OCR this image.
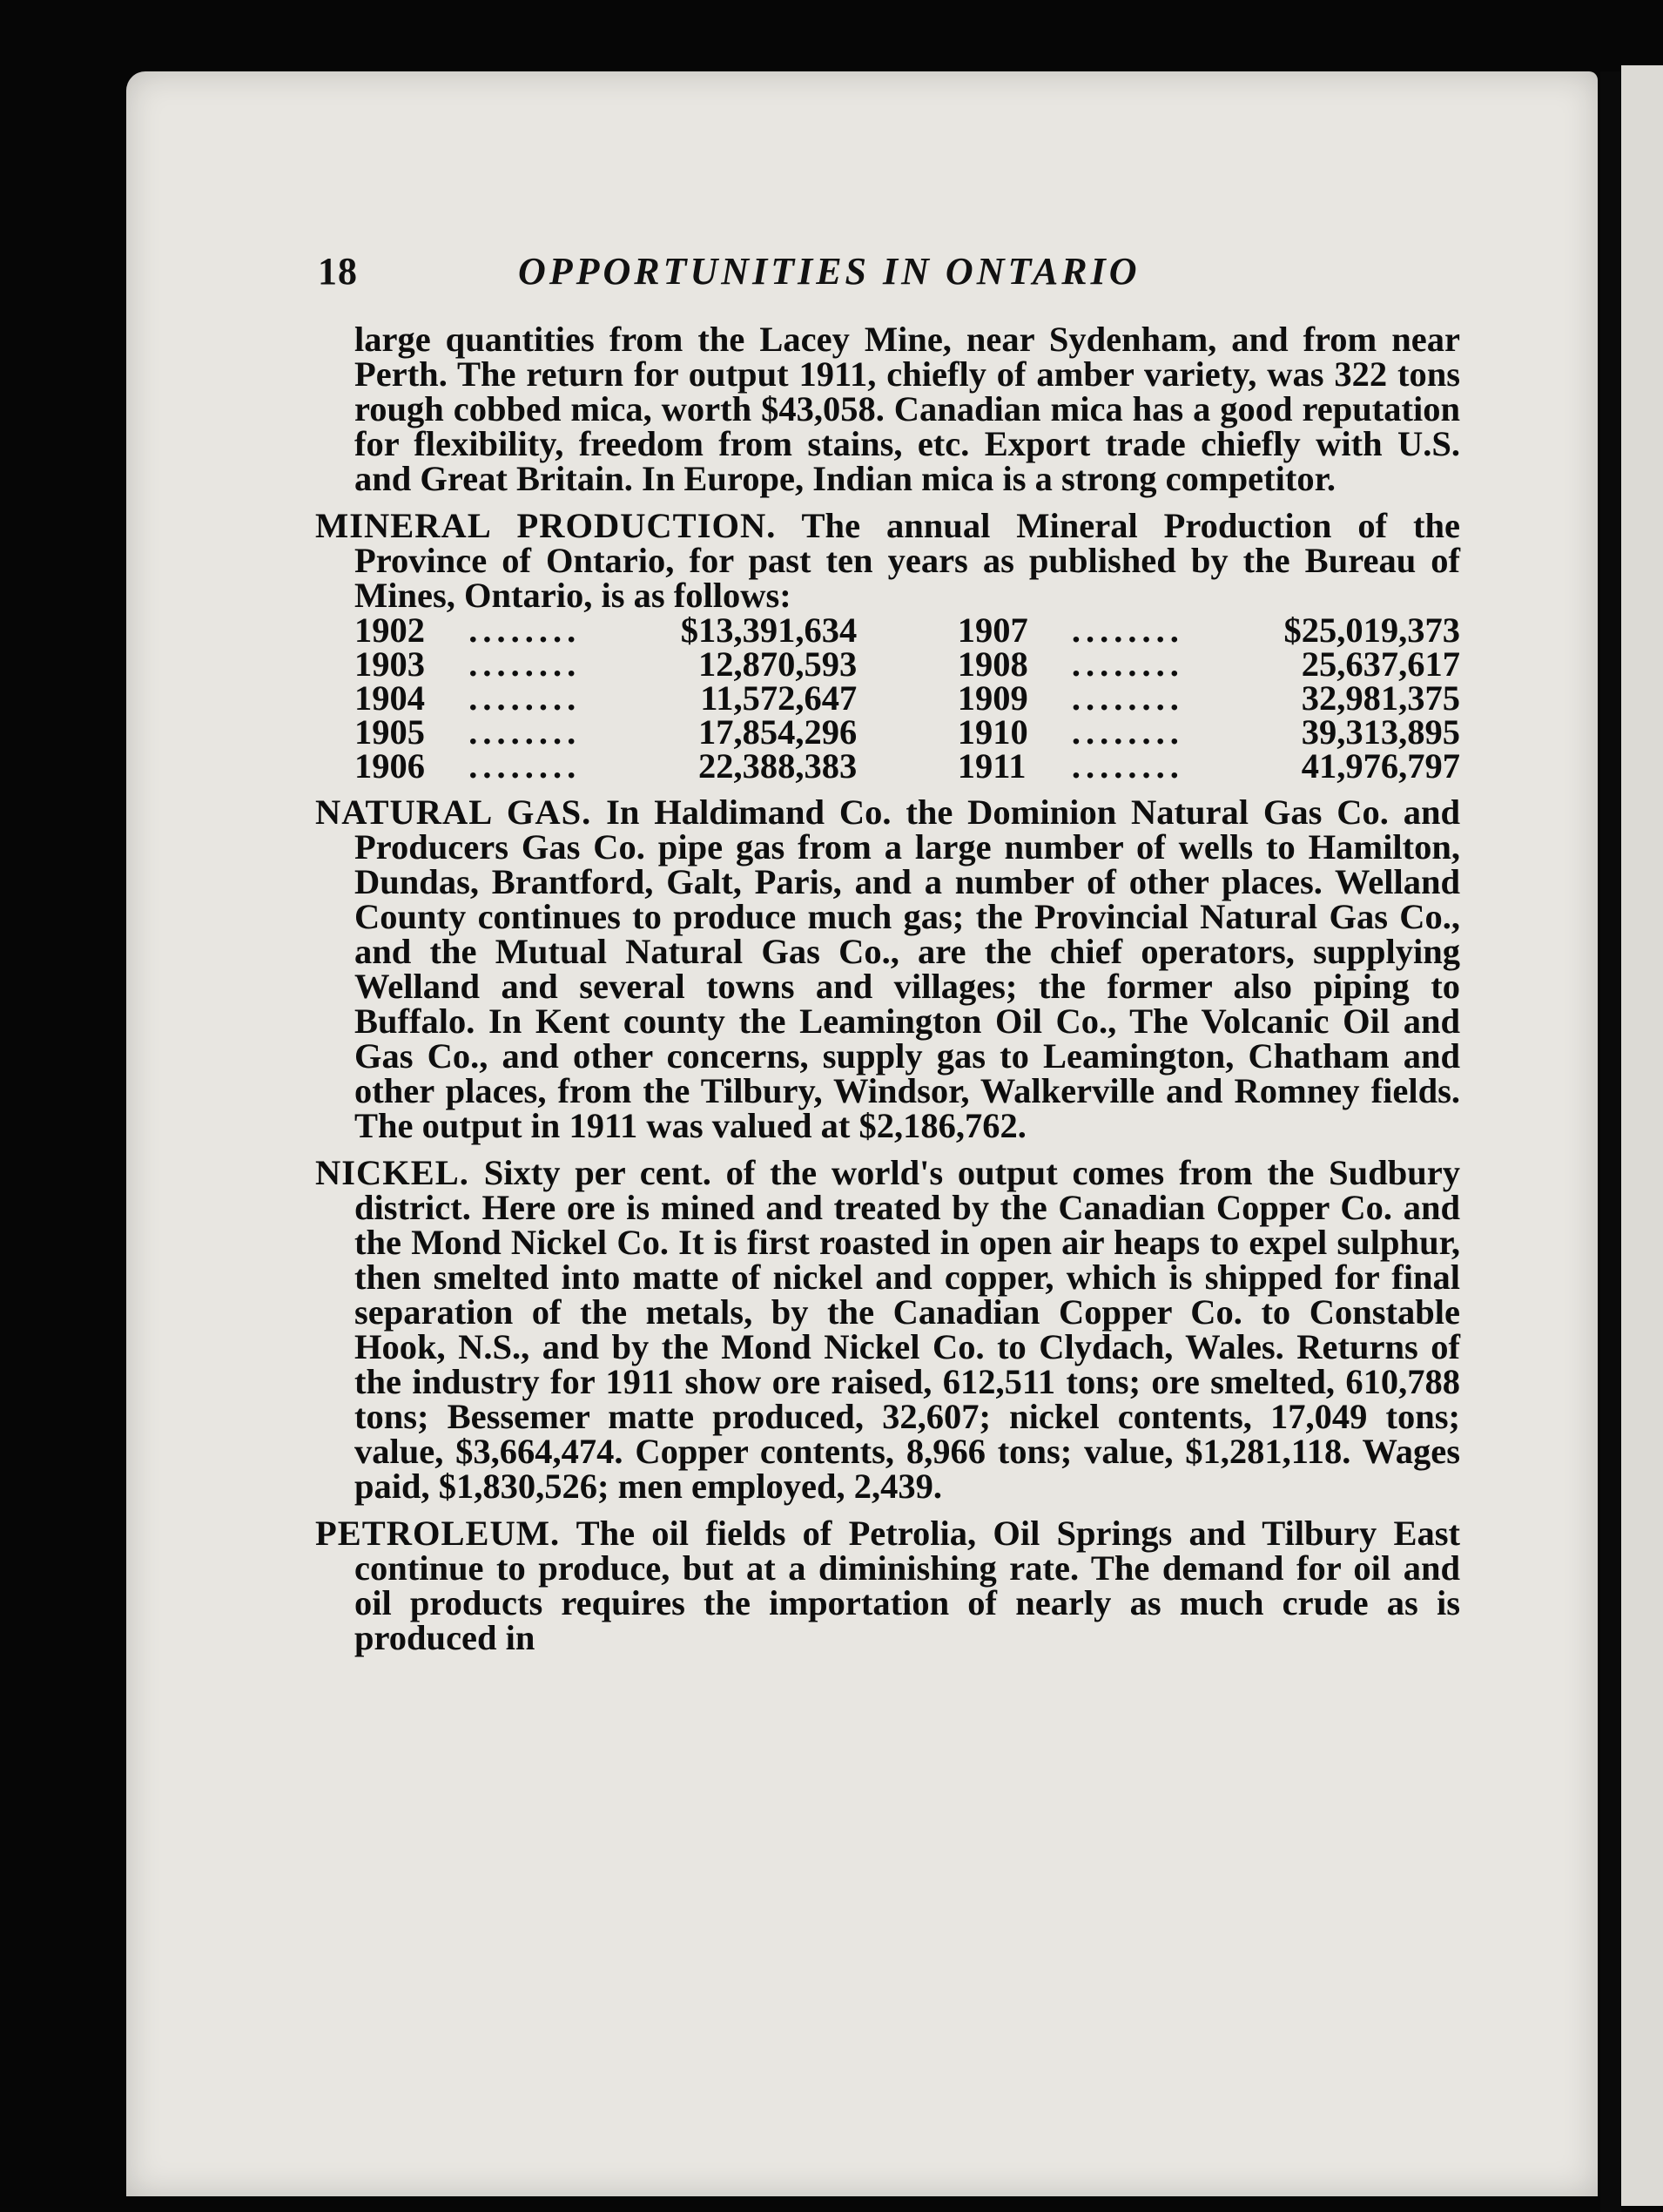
18	OPPORTUNITIES IN ONTARIO

large quantities from the Lacey Mine, near Sydenham, and from near Perth. The return for output 1911, chiefly of amber variety, was 322 tons rough cobbed mica, worth $43,058. Canadian mica has a good reputation for flexibility, freedom from stains, etc. Export trade chiefly with U.S. and Great Britain. In Europe, Indian mica is a strong competitor.

MINERAL PRODUCTION. The annual Mineral Production of the Province of Ontario, for past ten years as published by the Bureau of Mines, Ontario, is as follows:

1902	........	$13,391,634		1907	........	$25,019,373
1903	........	12,870,593		1908	........	25,637,617
1904	........	11,572,647		1909	........	32,981,375
1905	........	17,854,296		1910	........	39,313,895
1906	........	22,388,383		1911	........	41,976,797

NATURAL GAS. In Haldimand Co. the Dominion Natural Gas Co. and Producers Gas Co. pipe gas from a large number of wells to Hamilton, Dundas, Brantford, Galt, Paris, and a number of other places. Welland County continues to produce much gas; the Provincial Natural Gas Co., and the Mutual Natural Gas Co., are the chief operators, supplying Welland and several towns and villages; the former also piping to Buffalo. In Kent county the Leamington Oil Co., The Volcanic Oil and Gas Co., and other concerns, supply gas to Leamington, Chatham and other places, from the Tilbury, Windsor, Walkerville and Romney fields. The output in 1911 was valued at $2,186,762.

NICKEL. Sixty per cent. of the world's output comes from the Sudbury district. Here ore is mined and treated by the Canadian Copper Co. and the Mond Nickel Co. It is first roasted in open air heaps to expel sulphur, then smelted into matte of nickel and copper, which is shipped for final separation of the metals, by the Canadian Copper Co. to Constable Hook, N.S., and by the Mond Nickel Co. to Clydach, Wales. Returns of the industry for 1911 show ore raised, 612,511 tons; ore smelted, 610,788 tons; Bessemer matte produced, 32,607; nickel contents, 17,049 tons; value, $3,664,474. Copper contents, 8,966 tons; value, $1,281,118. Wages paid, $1,830,526; men employed, 2,439.

PETROLEUM. The oil fields of Petrolia, Oil Springs and Tilbury East continue to produce, but at a diminishing rate. The demand for oil and oil products requires the importation of nearly as much crude as is produced in
